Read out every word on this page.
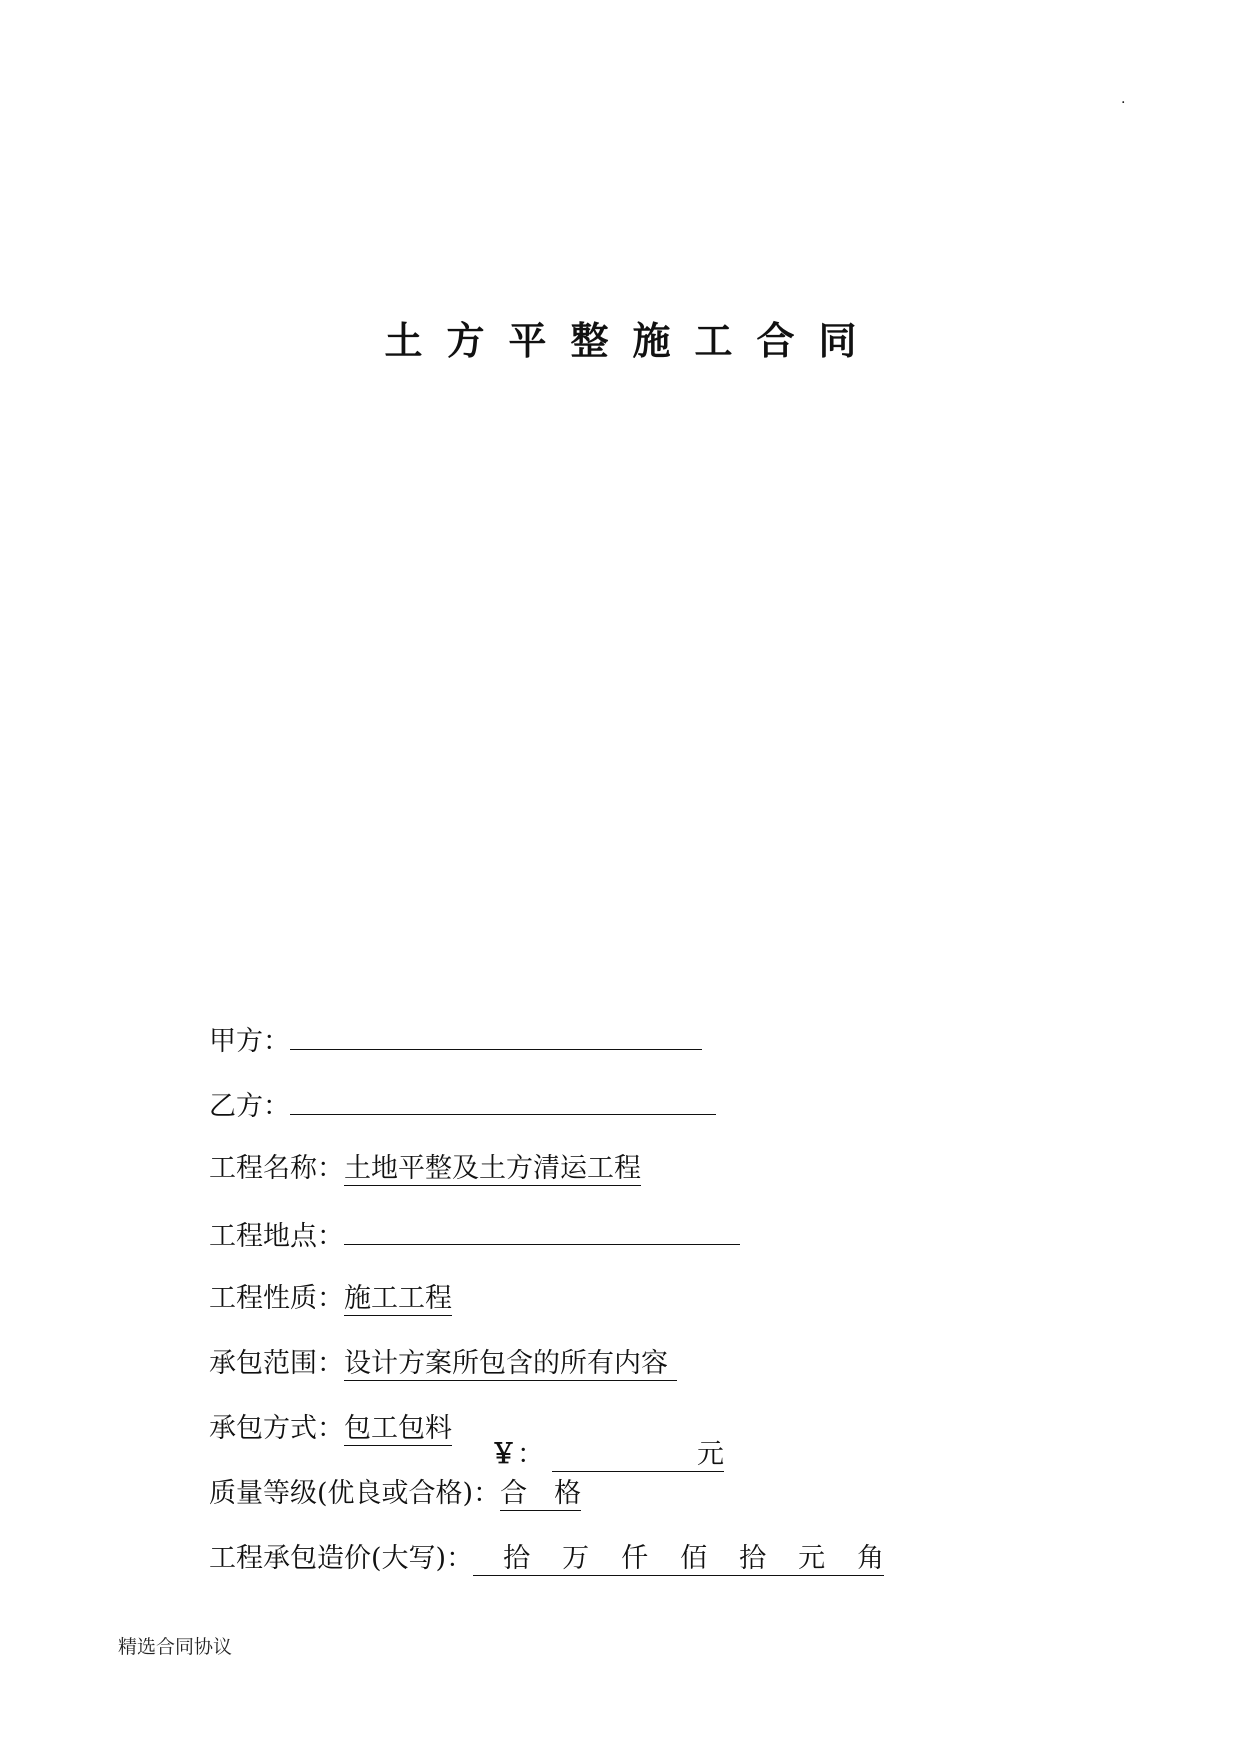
.
土方平整施工合同
甲方：
乙方：
工程名称：土地平整及土方清运工程
工程地点：
工程性质：施工工程
承包范围：设计方案所包含的所有内容
承包方式：包工包料
质量等级(优良或合格)：合　格
工程承包造价(大写)： 拾 万 仟 佰 拾 元 角
￥：	元
精选合同协议
